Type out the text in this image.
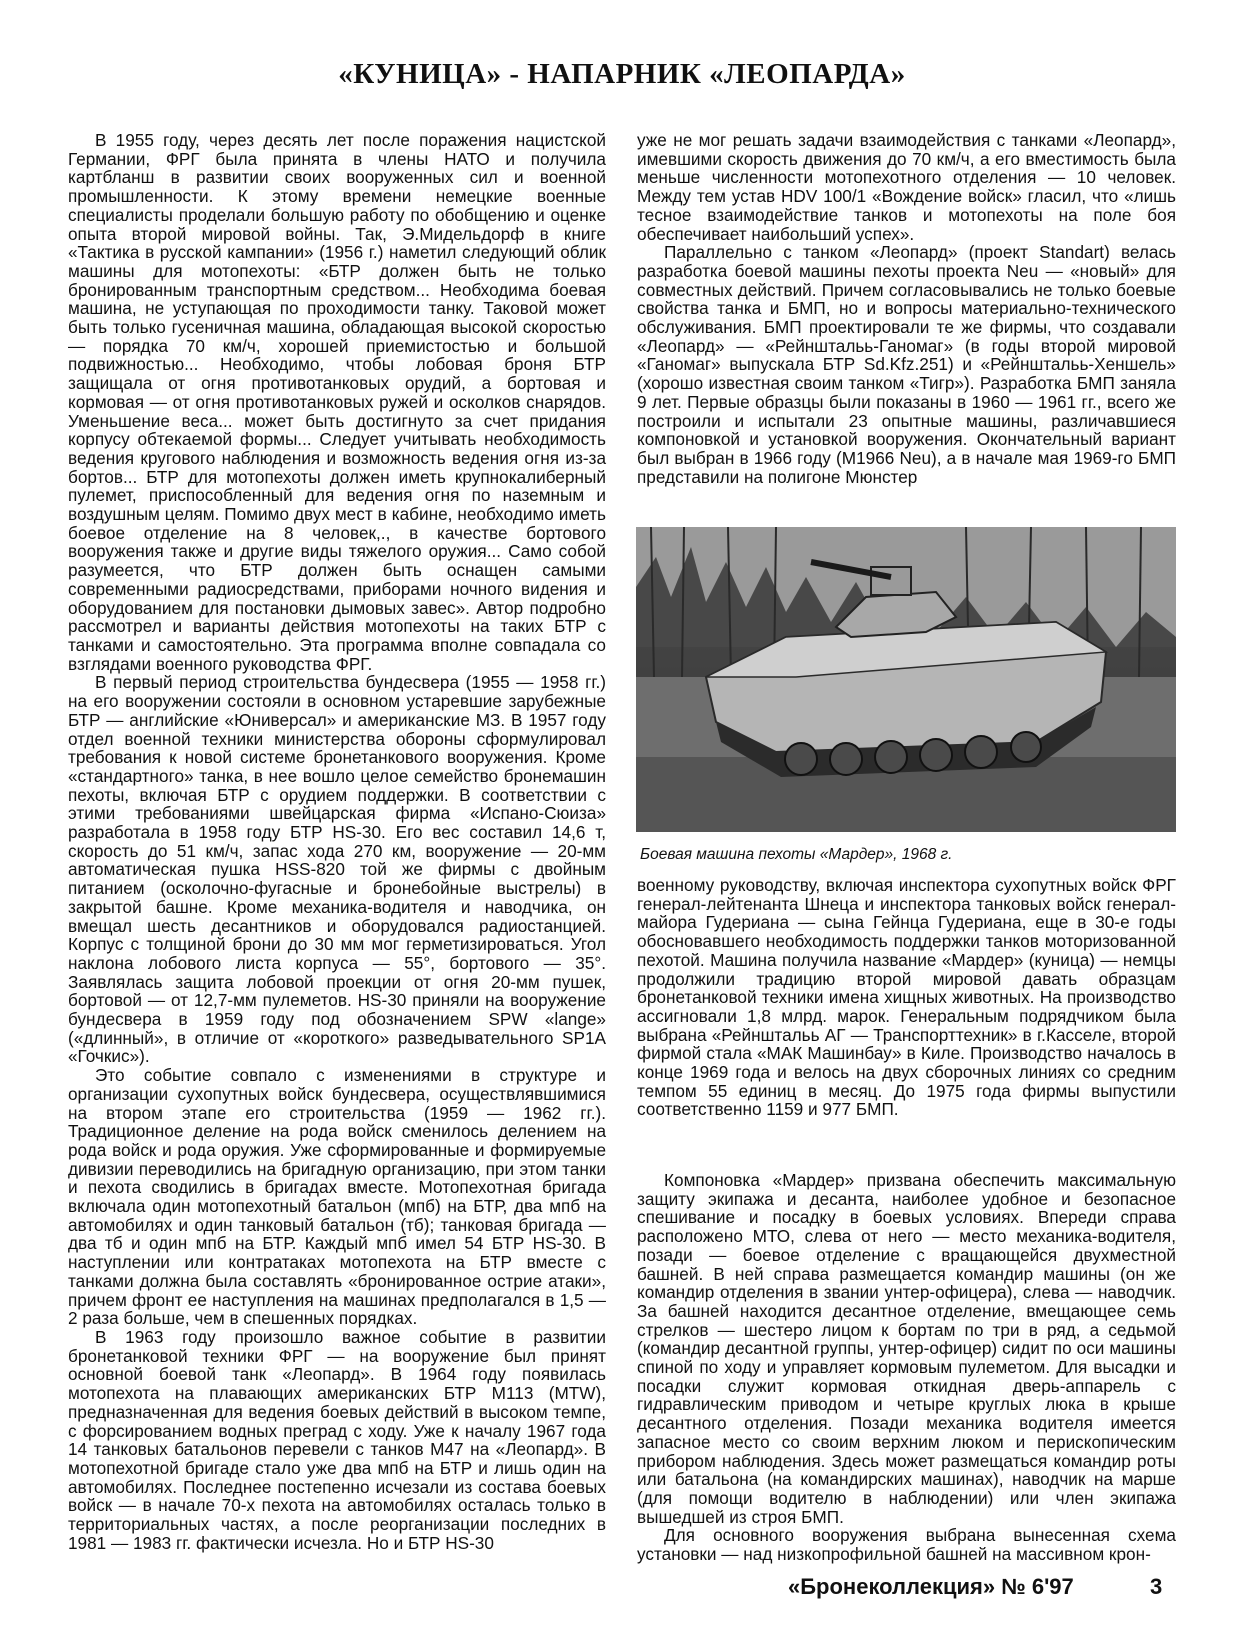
«КУНИЦА» - НАПАРНИК «ЛЕОПАРДА»

В 1955 году, через десять лет после поражения нацистской Германии, ФРГ была принята в члены НАТО и получила картбланш в развитии своих вооруженных сил и военной промышленности. К этому времени немецкие военные специалисты проделали большую работу по обобщению и оценке опыта второй мировой войны. Так, Э.Мидельдорф в книге «Тактика в русской кампании» (1956 г.) наметил следующий облик машины для мотопехоты: «БТР должен быть не только бронированным транспортным средством... Необходима боевая машина, не уступающая по проходимости танку. Таковой может быть только гусеничная машина, обладающая высокой скоростью — порядка 70 км/ч, хорошей приемистостью и большой подвижностью... Необходимо, чтобы лобовая броня БТР защищала от огня противотанковых орудий, а бортовая и кормовая — от огня противотанковых ружей и осколков снарядов. Уменьшение веса... может быть достигнуто за счет придания корпусу обтекаемой формы... Следует учитывать необходимость ведения кругового наблюдения и возможность ведения огня из-за бортов... БТР для мотопехоты должен иметь крупнокалиберный пулемет, приспособленный для ведения огня по наземным и воздушным целям. Помимо двух мест в кабине, необходимо иметь боевое отделение на 8 человек,., в качестве бортового вооружения также и другие виды тяжелого оружия... Само собой разумеется, что БТР должен быть оснащен самыми современными радиосредствами, приборами ночного видения и оборудованием для постановки дымовых завес». Автор подробно рассмотрел и варианты действия мотопехоты на таких БТР с танками и самостоятельно. Эта программа вполне совпадала со взглядами военного руководства ФРГ.

В первый период строительства бундесвера (1955 — 1958 гг.) на его вооружении состояли в основном устаревшие зарубежные БТР — английские «Юниверсал» и американские МЗ. В 1957 году отдел военной техники министерства обороны сформулировал требования к новой системе бронетанкового вооружения. Кроме «стандартного» танка, в нее вошло целое семейство бронемашин пехоты, включая БТР с орудием поддержки. В соответствии с этими требованиями швейцарская фирма «Испано-Сюиза» разработала в 1958 году БТР HS-30. Его вес составил 14,6 т, скорость до 51 км/ч, запас хода 270 км, вооружение — 20-мм автоматическая пушка HSS-820 той же фирмы с двойным питанием (осколочно-фугасные и бронебойные выстрелы) в закрытой башне. Кроме механика-водителя и наводчика, он вмещал шесть десантников и оборудовался радиостанцией. Корпус с толщиной брони до 30 мм мог герметизироваться. Угол наклона лобового листа корпуса — 55°, бортового — 35°. Заявлялась защита лобовой проекции от огня 20-мм пушек, бортовой — от 12,7-мм пулеметов. HS-30 приняли на вооружение бундесвера в 1959 году под обозначением SPW «lange» («длинный», в отличие от «короткого» разведывательного SP1A «Гочкис»).

Это событие совпало с изменениями в структуре и организации сухопутных войск бундесвера, осуществлявшимися на втором этапе его строительства (1959 — 1962 гг.). Традиционное деление на рода войск сменилось делением на рода войск и рода оружия. Уже сформированные и формируемые дивизии переводились на бригадную организацию, при этом танки и пехота сводились в бригадах вместе. Мотопехотная бригада включала один мотопехотный батальон (мпб) на БТР, два мпб на автомобилях и один танковый батальон (тб); танковая бригада — два тб и один мпб на БТР. Каждый мпб имел 54 БТР HS-30. В наступлении или контратаках мотопехота на БТР вместе с танками должна была составлять «бронированное острие атаки», причем фронт ее наступления на машинах предполагался в 1,5 — 2 раза больше, чем в спешенных порядках.

В 1963 году произошло важное событие в развитии бронетанковой техники ФРГ — на вооружение был принят основной боевой танк «Леопард». В 1964 году появилась мотопехота на плавающих американских БТР М113 (MTW), предназначенная для ведения боевых действий в высоком темпе, с форсированием водных преград с ходу. Уже к началу 1967 года 14 танковых батальонов перевели с танков М47 на «Леопард». В мотопехотной бригаде стало уже два мпб на БТР и лишь один на автомобилях. Последнее постепенно исчезали из состава боевых войск — в начале 70-х пехота на автомобилях осталась только в территориальных частях, а после реорганизации последних в 1981 — 1983 гг. фактически исчезла. Но и БТР HS-30

уже не мог решать задачи взаимодействия с танками «Леопард», имевшими скорость движения до 70 км/ч, а его вместимость была меньше численности мотопехотного отделения — 10 человек. Между тем устав HDV 100/1 «Вождение войск» гласил, что «лишь тесное взаимодействие танков и мотопехоты на поле боя обеспечивает наибольший успех».

Параллельно с танком «Леопард» (проект Standart) велась разработка боевой машины пехоты проекта Neu — «новый» для совместных действий. Причем согласовывались не только боевые свойства танка и БМП, но и вопросы материально-технического обслуживания. БМП проектировали те же фирмы, что создавали «Леопард» — «Рейнштальь-Ганомаг» (в годы второй мировой «Ганомаг» выпускала БТР Sd.Kfz.251) и «Рейнштальь-Хеншель» (хорошо известная своим танком «Тигр»). Разработка БМП заняла 9 лет. Первые образцы были показаны в 1960 — 1961 гг., всего же построили и испытали 23 опытные машины, различавшиеся компоновкой и установкой вооружения. Окончательный вариант был выбран в 1966 году (M1966 Neu), а в начале мая 1969-го БМП представили на полигоне Мюнстер

Боевая машина пехоты «Мардер», 1968 г.

военному руководству, включая инспектора сухопутных войск ФРГ генерал-лейтенанта Шнеца и инспектора танковых войск генерал-майора Гудериана — сына Гейнца Гудериана, еще в 30-е годы обосновавшего необходимость поддержки танков моторизованной пехотой. Машина получила название «Мардер» (куница) — немцы продолжили традицию второй мировой давать образцам бронетанковой техники имена хищных животных. На производство ассигновали 1,8 млрд. марок. Генеральным подрядчиком была выбрана «Рейнштальь АГ — Транспорттехник» в г.Касселе, второй фирмой стала «МАК Машинбау» в Киле. Производство началось в конце 1969 года и велось на двух сборочных линиях со средним темпом 55 единиц в месяц. До 1975 года фирмы выпустили соответственно 1159 и 977 БМП.

Компоновка «Мардер» призвана обеспечить максимальную защиту экипажа и десанта, наиболее удобное и безопасное спешивание и посадку в боевых условиях. Впереди справа расположено МТО, слева от него — место механика-водителя, позади — боевое отделение с вращающейся двухместной башней. В ней справа размещается командир машины (он же командир отделения в звании унтер-офицера), слева — наводчик. За башней находится десантное отделение, вмещающее семь стрелков — шестеро лицом к бортам по три в ряд, а седьмой (командир десантной группы, унтер-офицер) сидит по оси машины спиной по ходу и управляет кормовым пулеметом. Для высадки и посадки служит кормовая откидная дверь-аппарель с гидравлическим приводом и четыре круглых люка в крыше десантного отделения. Позади механика водителя имеется запасное место со своим верхним люком и перископическим прибором наблюдения. Здесь может размещаться командир роты или батальона (на командирских машинах), наводчик на марше (для помощи водителю в наблюдении) или член экипажа вышедшей из строя БМП.

Для основного вооружения выбрана вынесенная схема установки — над низкопрофильной башней на массивном крон-

«Бронеколлекция» № 6'97	3
